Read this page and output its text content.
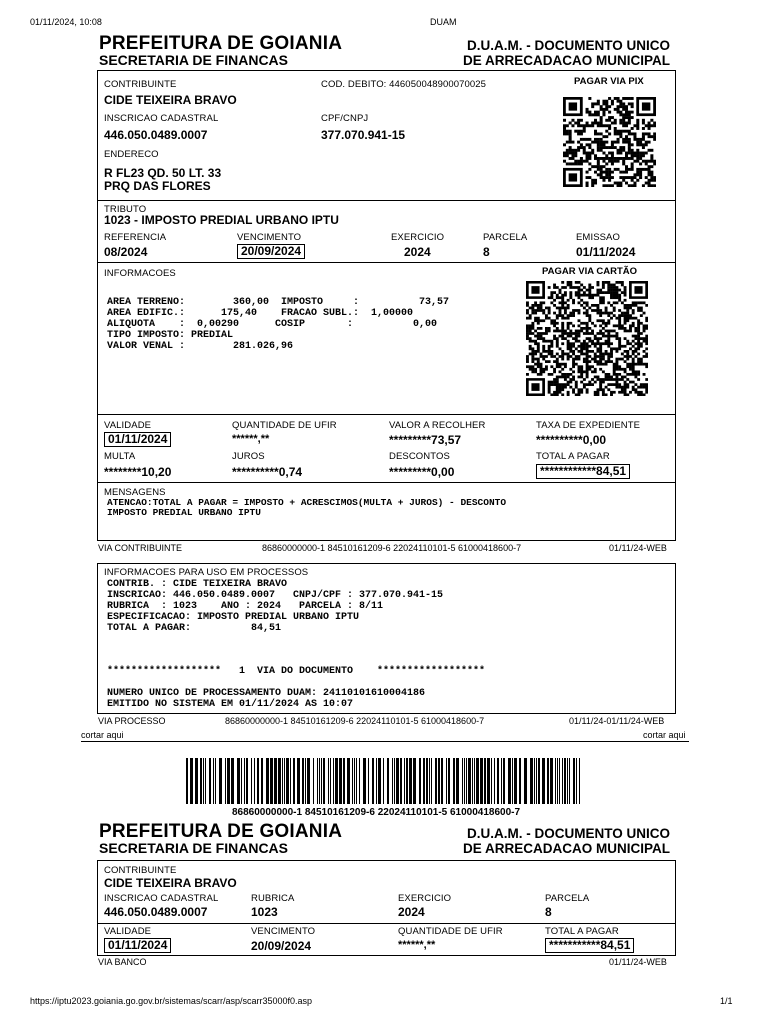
01/11/2024, 10:08	DUAM
https://iptu2023.goiania.go.gov.br/sistemas/scarr/asp/scarr35000f0.asp	1/1
PREFEITURA DE GOIANIA
SECRETARIA DE FINANCAS
D.U.A.M. - DOCUMENTO UNICO
DE ARRECADACAO MUNICIPAL
CONTRIBUINTE
CIDE TEIXEIRA BRAVO
COD. DEBITO: 446050048900070025	PAGAR VIA PIX
INSCRICAO CADASTRAL
446.050.0489.0007
CPF/CNPJ
377.070.941-15
ENDERECO
R FL23 QD. 50 LT. 33
PRQ DAS FLORES
TRIBUTO
1023 - IMPOSTO PREDIAL URBANO IPTU
REFERENCIA
08/2024
VENCIMENTO
20/09/2024
EXERCICIO
2024
PARCELA
8
EMISSAO
01/11/2024
INFORMACOES	PAGAR VIA CARTÃO
AREA TERRENO:        360,00  IMPOSTO     :          73,57
AREA EDIFIC.:      175,40    FRACAO SUBL.:  1,00000
ALIQUOTA    :  0,00290      COSIP       :          0,00
TIPO IMPOSTO: PREDIAL
VALOR VENAL :        281.026,96
VALIDADE
01/11/2024
QUANTIDADE DE UFIR
******,**
VALOR A RECOLHER
*********73,57
TAXA DE EXPEDIENTE
**********0,00
MULTA
********10,20
JUROS
**********0,74
DESCONTOS
*********0,00
TOTAL A PAGAR
************84,51
MENSAGENS
ATENCAO:TOTAL A PAGAR = IMPOSTO + ACRESCIMOS(MULTA + JUROS) - DESCONTO
IMPOSTO PREDIAL URBANO IPTU
VIA CONTRIBUINTE	86860000000-1 84510161209-6 22024110101-5 61000418600-7	01/11/24-WEB
INFORMACOES PARA USO EM PROCESSOS
CONTRIB. : CIDE TEIXEIRA BRAVO
INSCRICAO: 446.050.0489.0007   CNPJ/CPF : 377.070.941-15
RUBRICA  : 1023    ANO : 2024   PARCELA : 8/11
ESPECIFICACAO: IMPOSTO PREDIAL URBANO IPTU
TOTAL A PAGAR:          84,51
*******************   1  VIA DO DOCUMENTO    ******************
NUMERO UNICO DE PROCESSAMENTO DUAM: 24110101610004186
EMITIDO NO SISTEMA EM 01/11/2024 AS 10:07
VIA PROCESSO	86860000000-1 84510161209-6 22024110101-5 61000418600-7	01/11/24-01/11/24-WEB
cortar aqui	cortar aqui
86860000000-1 84510161209-6 22024110101-5 61000418600-7
PREFEITURA DE GOIANIA
SECRETARIA DE FINANCAS
D.U.A.M. - DOCUMENTO UNICO
DE ARRECADACAO MUNICIPAL
CONTRIBUINTE
CIDE TEIXEIRA BRAVO
INSCRICAO CADASTRAL
446.050.0489.0007
RUBRICA
1023
EXERCICIO
2024
PARCELA
8
VALIDADE
01/11/2024
VENCIMENTO
20/09/2024
QUANTIDADE DE UFIR
******,**
TOTAL A PAGAR
***********84,51
VIA BANCO	01/11/24-WEB
